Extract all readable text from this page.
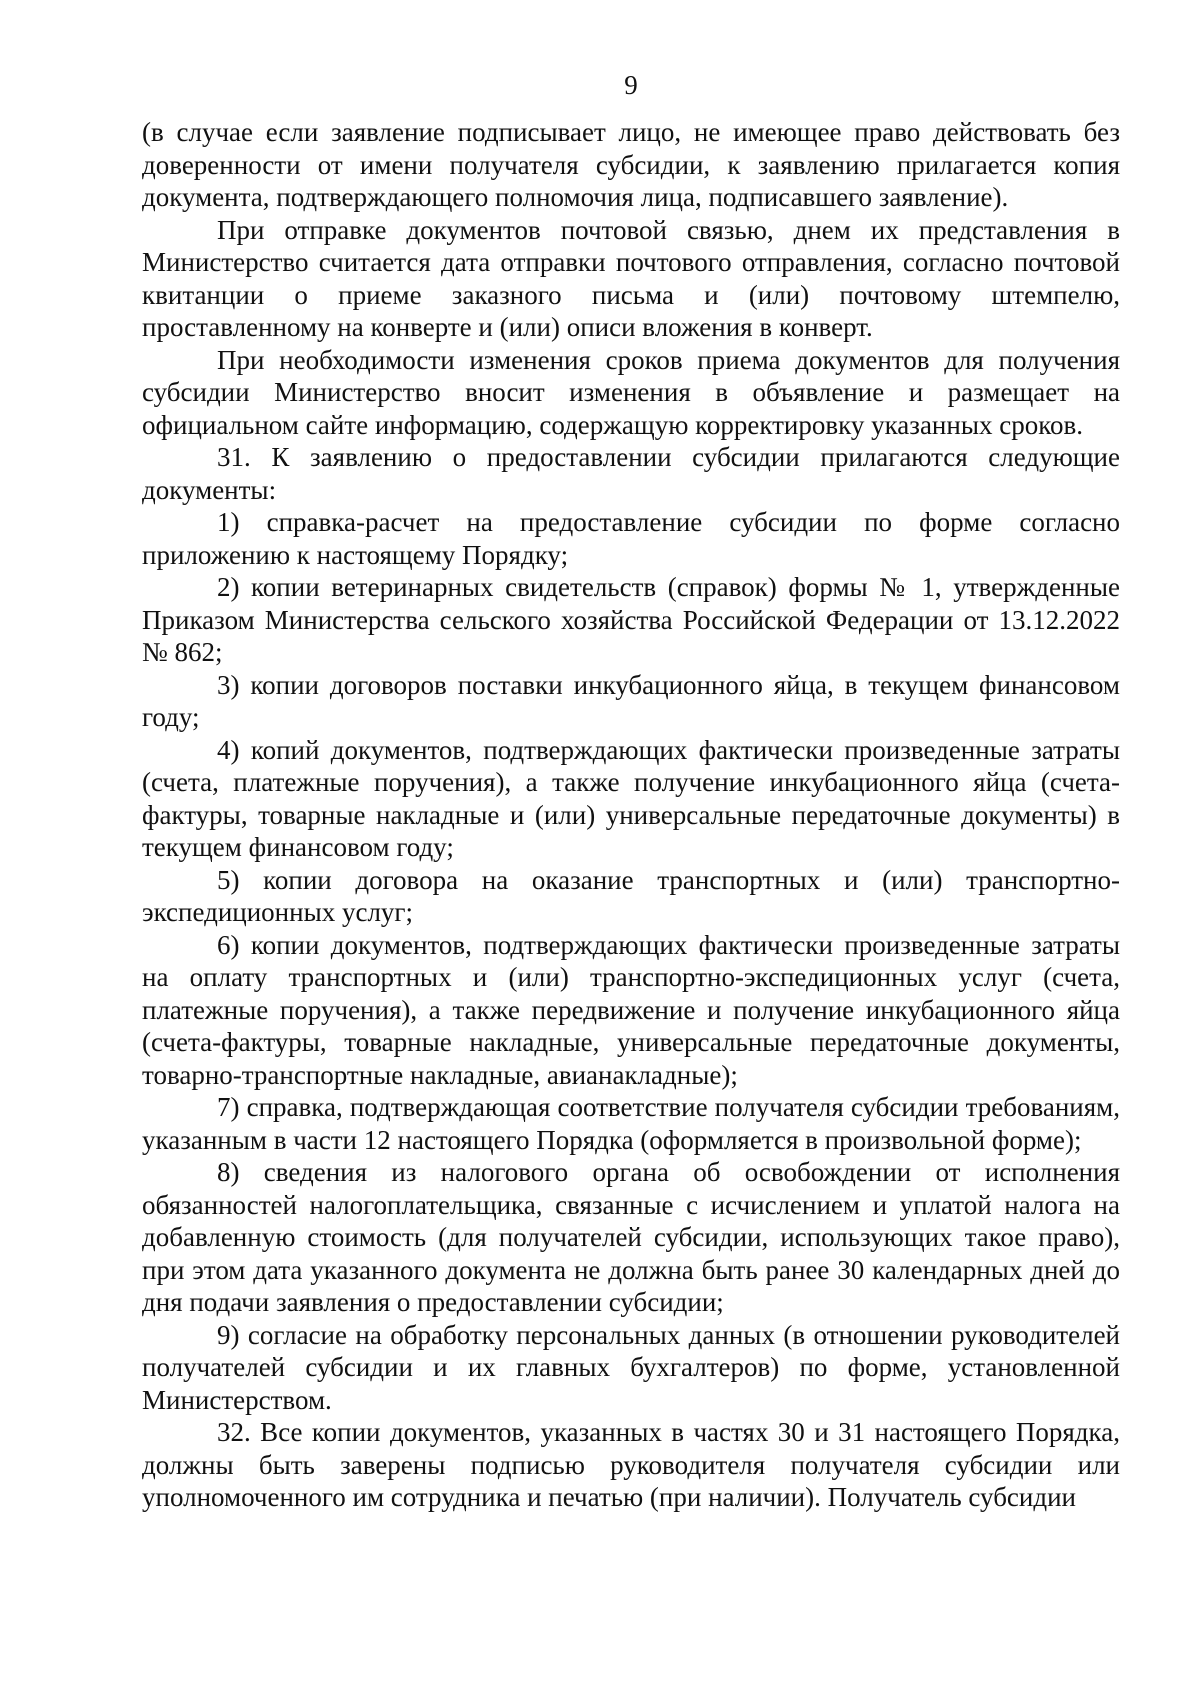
9

(в случае если заявление подписывает лицо, не имеющее право действовать без доверенности от имени получателя субсидии, к заявлению прилагается копия документа, подтверждающего полномочия лица, подписавшего заявление).

При отправке документов почтовой связью, днем их представления в Министерство считается дата отправки почтового отправления, согласно почтовой квитанции о приеме заказного письма и (или) почтовому штемпелю, проставленному на конверте и (или) описи вложения в конверт.

При необходимости изменения сроков приема документов для получения субсидии Министерство вносит изменения в объявление и размещает на официальном сайте информацию, содержащую корректировку указанных сроков.

31. К заявлению о предоставлении субсидии прилагаются следующие документы:

1) справка-расчет на предоставление субсидии по форме согласно приложению к настоящему Порядку;

2) копии ветеринарных свидетельств (справок) формы № 1, утвержденные Приказом Министерства сельского хозяйства Российской Федерации от 13.12.2022 № 862;

3) копии договоров поставки инкубационного яйца, в текущем финансовом году;

4) копий документов, подтверждающих фактически произведенные затраты (счета, платежные поручения), а также получение инкубационного яйца (счета-фактуры, товарные накладные и (или) универсальные передаточные документы) в текущем финансовом году;

5) копии договора на оказание транспортных и (или) транспортно-экспедиционных услуг;

6) копии документов, подтверждающих фактически произведенные затраты на оплату транспортных и (или) транспортно-экспедиционных услуг (счета, платежные поручения), а также передвижение и получение инкубационного яйца (счета-фактуры, товарные накладные, универсальные передаточные документы, товарно-транспортные накладные, авианакладные);

7) справка, подтверждающая соответствие получателя субсидии требованиям, указанным в части 12 настоящего Порядка (оформляется в произвольной форме);

8) сведения из налогового органа об освобождении от исполнения обязанностей налогоплательщика, связанные с исчислением и уплатой налога на добавленную стоимость (для получателей субсидии, использующих такое право), при этом дата указанного документа не должна быть ранее 30 календарных дней до дня подачи заявления о предоставлении субсидии;

9) согласие на обработку персональных данных (в отношении руководителей получателей субсидии и их главных бухгалтеров) по форме, установленной Министерством.

32. Все копии документов, указанных в частях 30 и 31 настоящего Порядка, должны быть заверены подписью руководителя получателя субсидии или уполномоченного им сотрудника и печатью (при наличии). Получатель субсидии
